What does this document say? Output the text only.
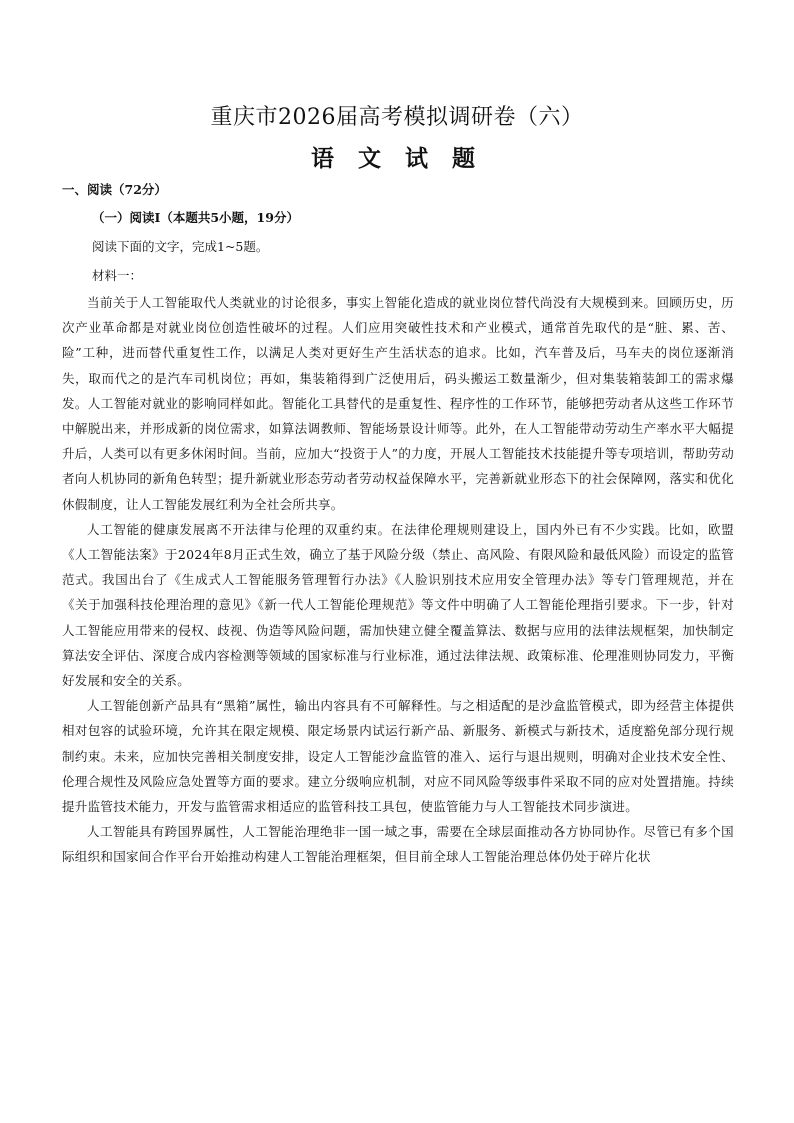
重庆市2026届高考模拟调研卷（六）
语 文 试 题

一、阅读（72分）

（一）阅读Ⅰ（本题共5小题，19分）

阅读下面的文字，完成1~5题。

材料一：

当前关于人工智能取代人类就业的讨论很多，事实上智能化造成的就业岗位替代尚没有大规模到来。回顾历史，历次产业革命都是对就业岗位创造性破坏的过程。人们应用突破性技术和产业模式，通常首先取代的是“脏、累、苦、险”工种，进而替代重复性工作，以满足人类对更好生产生活状态的追求。比如，汽车普及后，马车夫的岗位逐渐消失，取而代之的是汽车司机岗位；再如，集装箱得到广泛使用后，码头搬运工数量渐少，但对集装箱装卸工的需求爆发。人工智能对就业的影响同样如此。智能化工具替代的是重复性、程序性的工作环节，能够把劳动者从这些工作环节中解脱出来，并形成新的岗位需求，如算法调教师、智能场景设计师等。此外，在人工智能带动劳动生产率水平大幅提升后，人类可以有更多休闲时间。当前，应加大“投资于人”的力度，开展人工智能技术技能提升等专项培训，帮助劳动者向人机协同的新角色转型；提升新就业形态劳动者劳动权益保障水平，完善新就业形态下的社会保障网，落实和优化休假制度，让人工智能发展红利为全社会所共享。

人工智能的健康发展离不开法律与伦理的双重约束。在法律伦理规则建设上，国内外已有不少实践。比如，欧盟《人工智能法案》于2024年8月正式生效，确立了基于风险分级（禁止、高风险、有限风险和最低风险）而设定的监管范式。我国出台了《生成式人工智能服务管理暂行办法》《人脸识别技术应用安全管理办法》等专门管理规范，并在《关于加强科技伦理治理的意见》《新一代人工智能伦理规范》等文件中明确了人工智能伦理指引要求。下一步，针对人工智能应用带来的侵权、歧视、伪造等风险问题，需加快建立健全覆盖算法、数据与应用的法律法规框架，加快制定算法安全评估、深度合成内容检测等领域的国家标准与行业标准，通过法律法规、政策标准、伦理准则协同发力，平衡好发展和安全的关系。

人工智能创新产品具有“黑箱”属性，输出内容具有不可解释性。与之相适配的是沙盒监管模式，即为经营主体提供相对包容的试验环境，允许其在限定规模、限定场景内试运行新产品、新服务、新模式与新技术，适度豁免部分现行规制约束。未来，应加快完善相关制度安排，设定人工智能沙盒监管的准入、运行与退出规则，明确对企业技术安全性、伦理合规性及风险应急处置等方面的要求。建立分级响应机制，对应不同风险等级事件采取不同的应对处置措施。持续提升监管技术能力，开发与监管需求相适应的监管科技工具包，使监管能力与人工智能技术同步演进。

人工智能具有跨国界属性，人工智能治理绝非一国一域之事，需要在全球层面推动各方协同协作。尽管已有多个国际组织和国家间合作平台开始推动构建人工智能治理框架，但目前全球人工智能治理总体仍处于碎片化状
